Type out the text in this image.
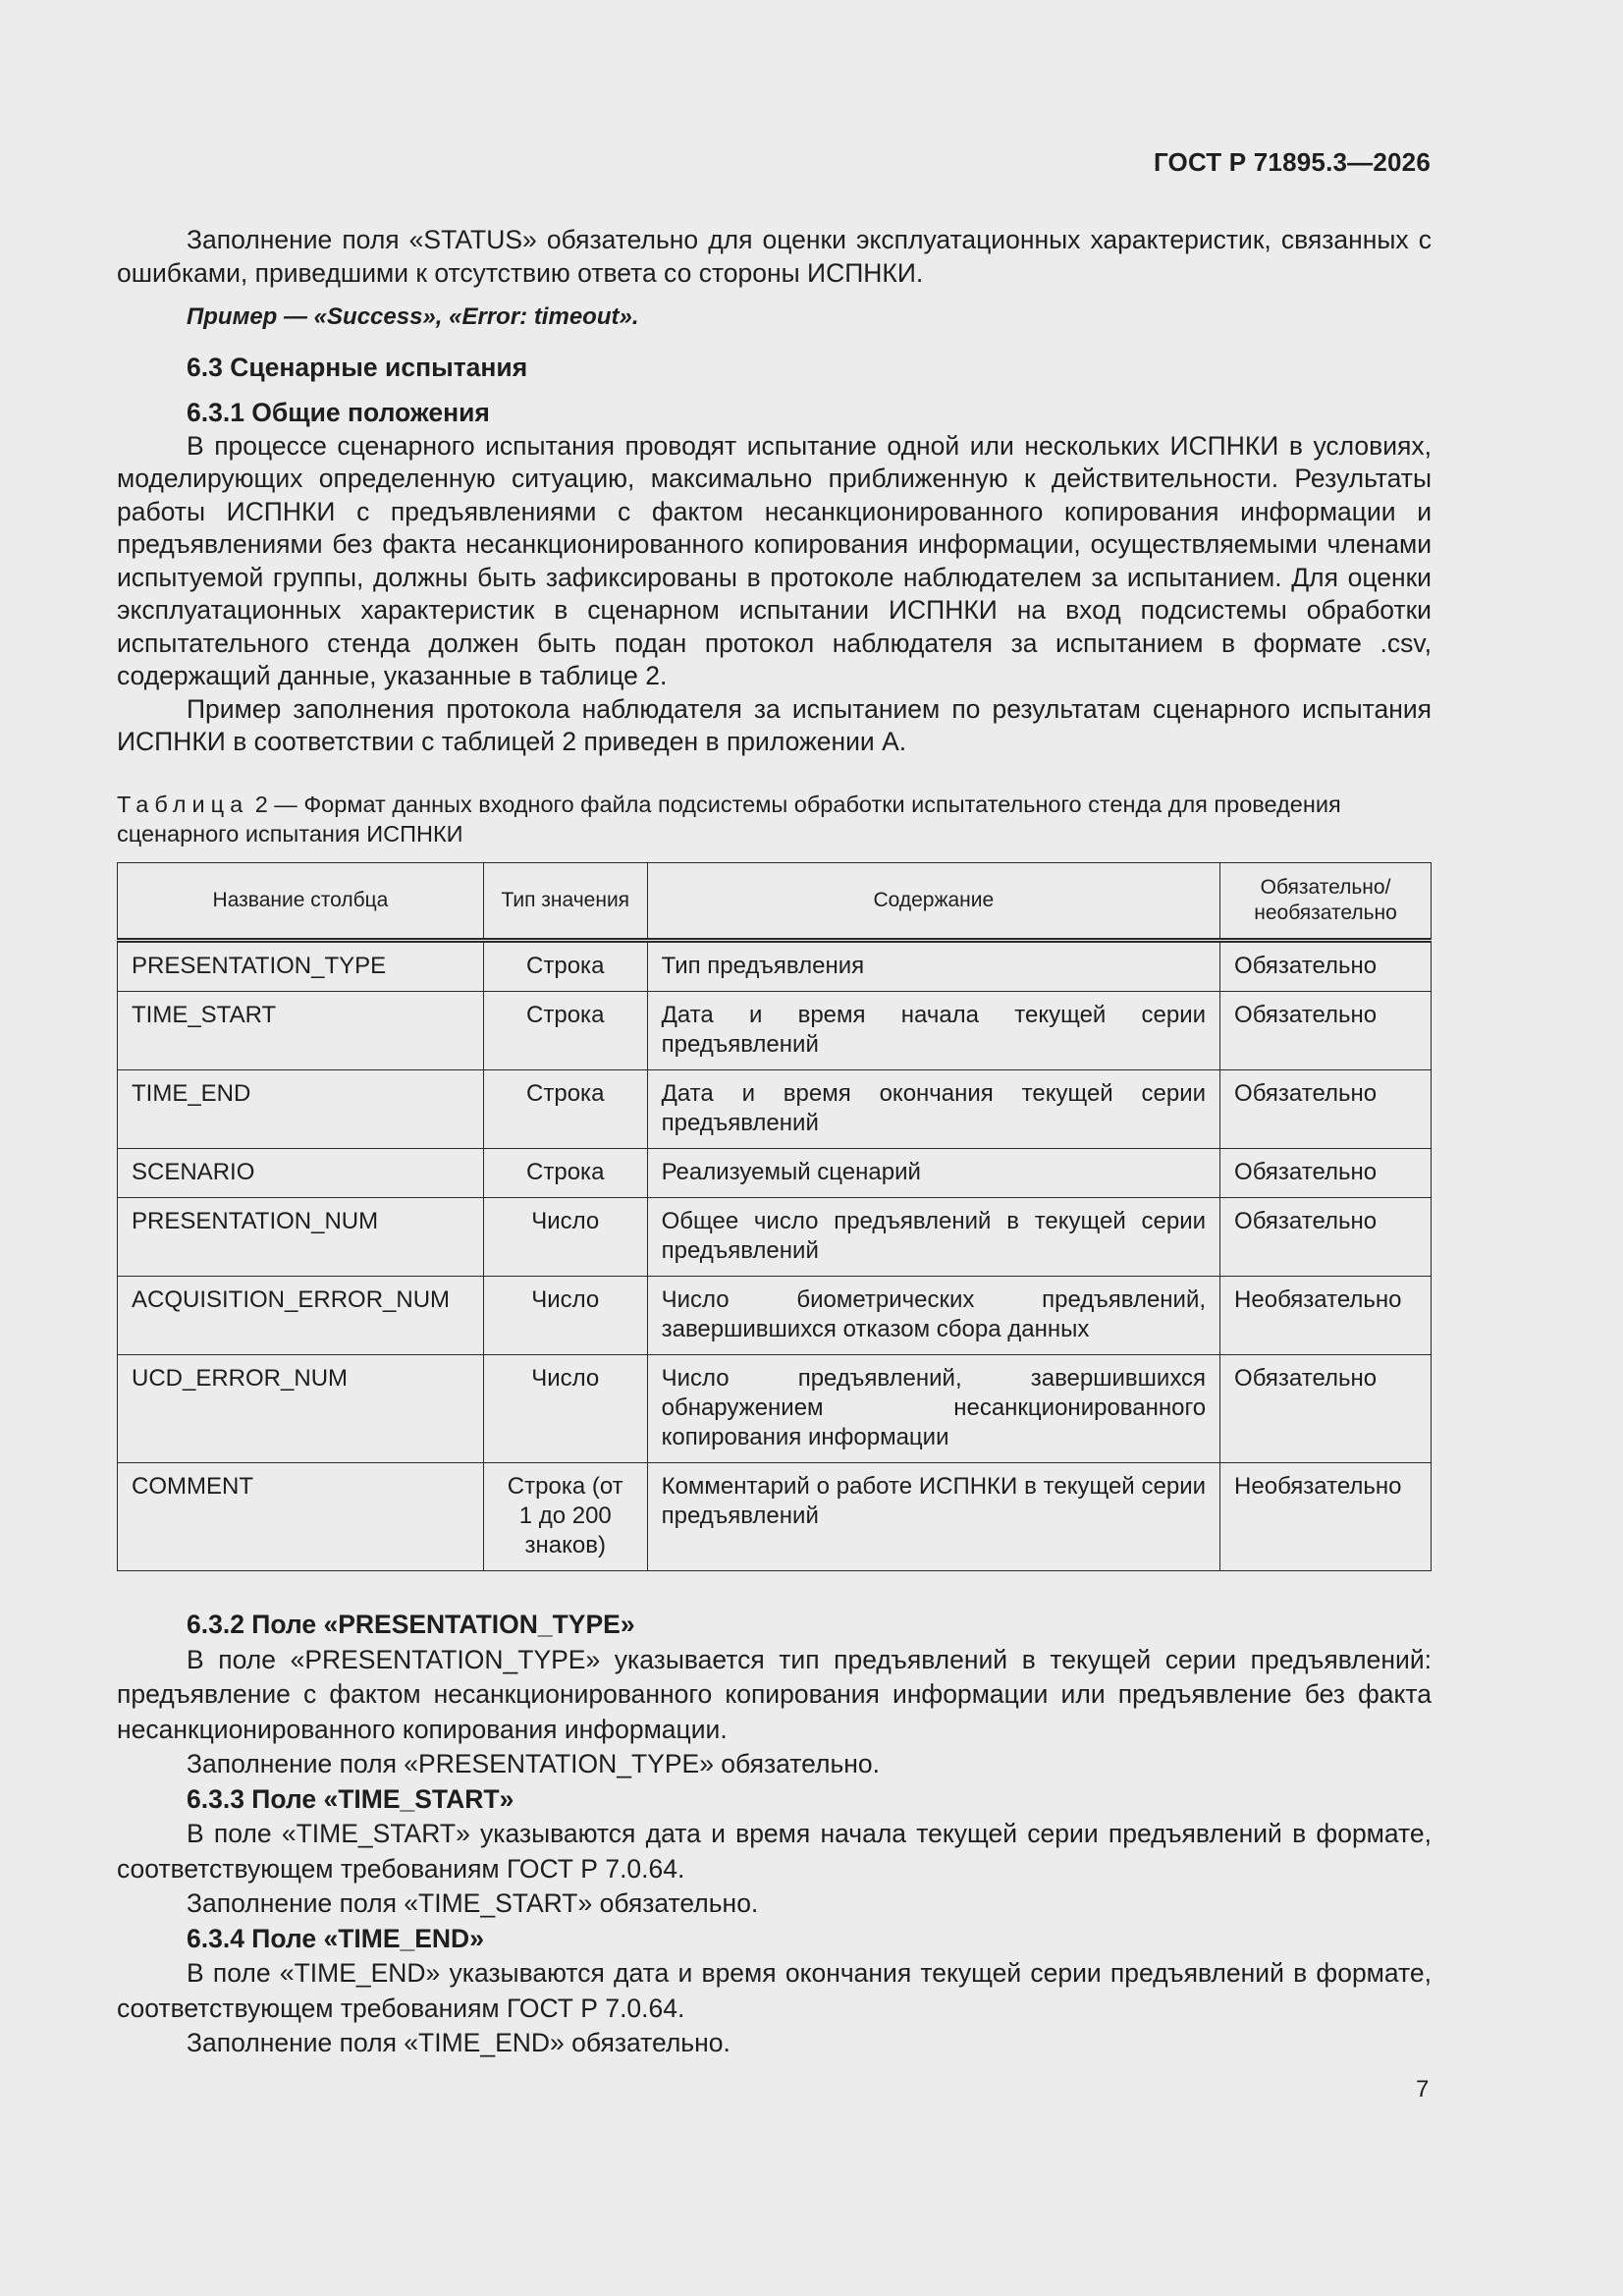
ГОСТ Р 71895.3—2026

Заполнение поля «STATUS» обязательно для оценки эксплуатационных характеристик, связанных с ошибками, приведшими к отсутствию ответа со стороны ИСПНКИ.

Пример — «Success», «Error: timeout».

6.3 Сценарные испытания

6.3.1 Общие положения

В процессе сценарного испытания проводят испытание одной или нескольких ИСПНКИ в условиях, моделирующих определенную ситуацию, максимально приближенную к действительности. Результаты работы ИСПНКИ с предъявлениями с фактом несанкционированного копирования информации и предъявлениями без факта несанкционированного копирования информации, осуществляемыми членами испытуемой группы, должны быть зафиксированы в протоколе наблюдателем за испытанием. Для оценки эксплуатационных характеристик в сценарном испытании ИСПНКИ на вход подсистемы обработки испытательного стенда должен быть подан протокол наблюдателя за испытанием в формате .csv, содержащий данные, указанные в таблице 2.

Пример заполнения протокола наблюдателя за испытанием по результатам сценарного испытания ИСПНКИ в соответствии с таблицей 2 приведен в приложении А.

Таблица 2 — Формат данных входного файла подсистемы обработки испытательного стенда для проведения сценарного испытания ИСПНКИ
Название столбца	Тип значения	Содержание	Обязательно/ необязательно
PRESENTATION_TYPE	Строка	Тип предъявления	Обязательно
TIME_START	Строка	Дата и время начала текущей серии предъявлений	Обязательно
TIME_END	Строка	Дата и время окончания текущей серии предъявлений	Обязательно
SCENARIO	Строка	Реализуемый сценарий	Обязательно
PRESENTATION_NUM	Число	Общее число предъявлений в текущей серии предъявлений	Обязательно
ACQUISITION_ERROR_NUM	Число	Число биометрических предъявлений, завершившихся отказом сбора данных	Необязательно
UCD_ERROR_NUM	Число	Число предъявлений, завершившихся обнаружением несанкционированного копирования информации	Обязательно
COMMENT	Строка (от 1 до 200 знаков)	Комментарий о работе ИСПНКИ в текущей серии предъявлений	Необязательно

6.3.2 Поле «PRESENTATION_TYPE»

В поле «PRESENTATION_TYPE» указывается тип предъявлений в текущей серии предъявлений: предъявление с фактом несанкционированного копирования информации или предъявление без факта несанкционированного копирования информации.

Заполнение поля «PRESENTATION_TYPE» обязательно.

6.3.3 Поле «TIME_START»

В поле «TIME_START» указываются дата и время начала текущей серии предъявлений в формате, соответствующем требованиям ГОСТ Р 7.0.64.

Заполнение поля «TIME_START» обязательно.

6.3.4 Поле «TIME_END»

В поле «TIME_END» указываются дата и время окончания текущей серии предъявлений в формате, соответствующем требованиям ГОСТ Р 7.0.64.

Заполнение поля «TIME_END» обязательно.

7
